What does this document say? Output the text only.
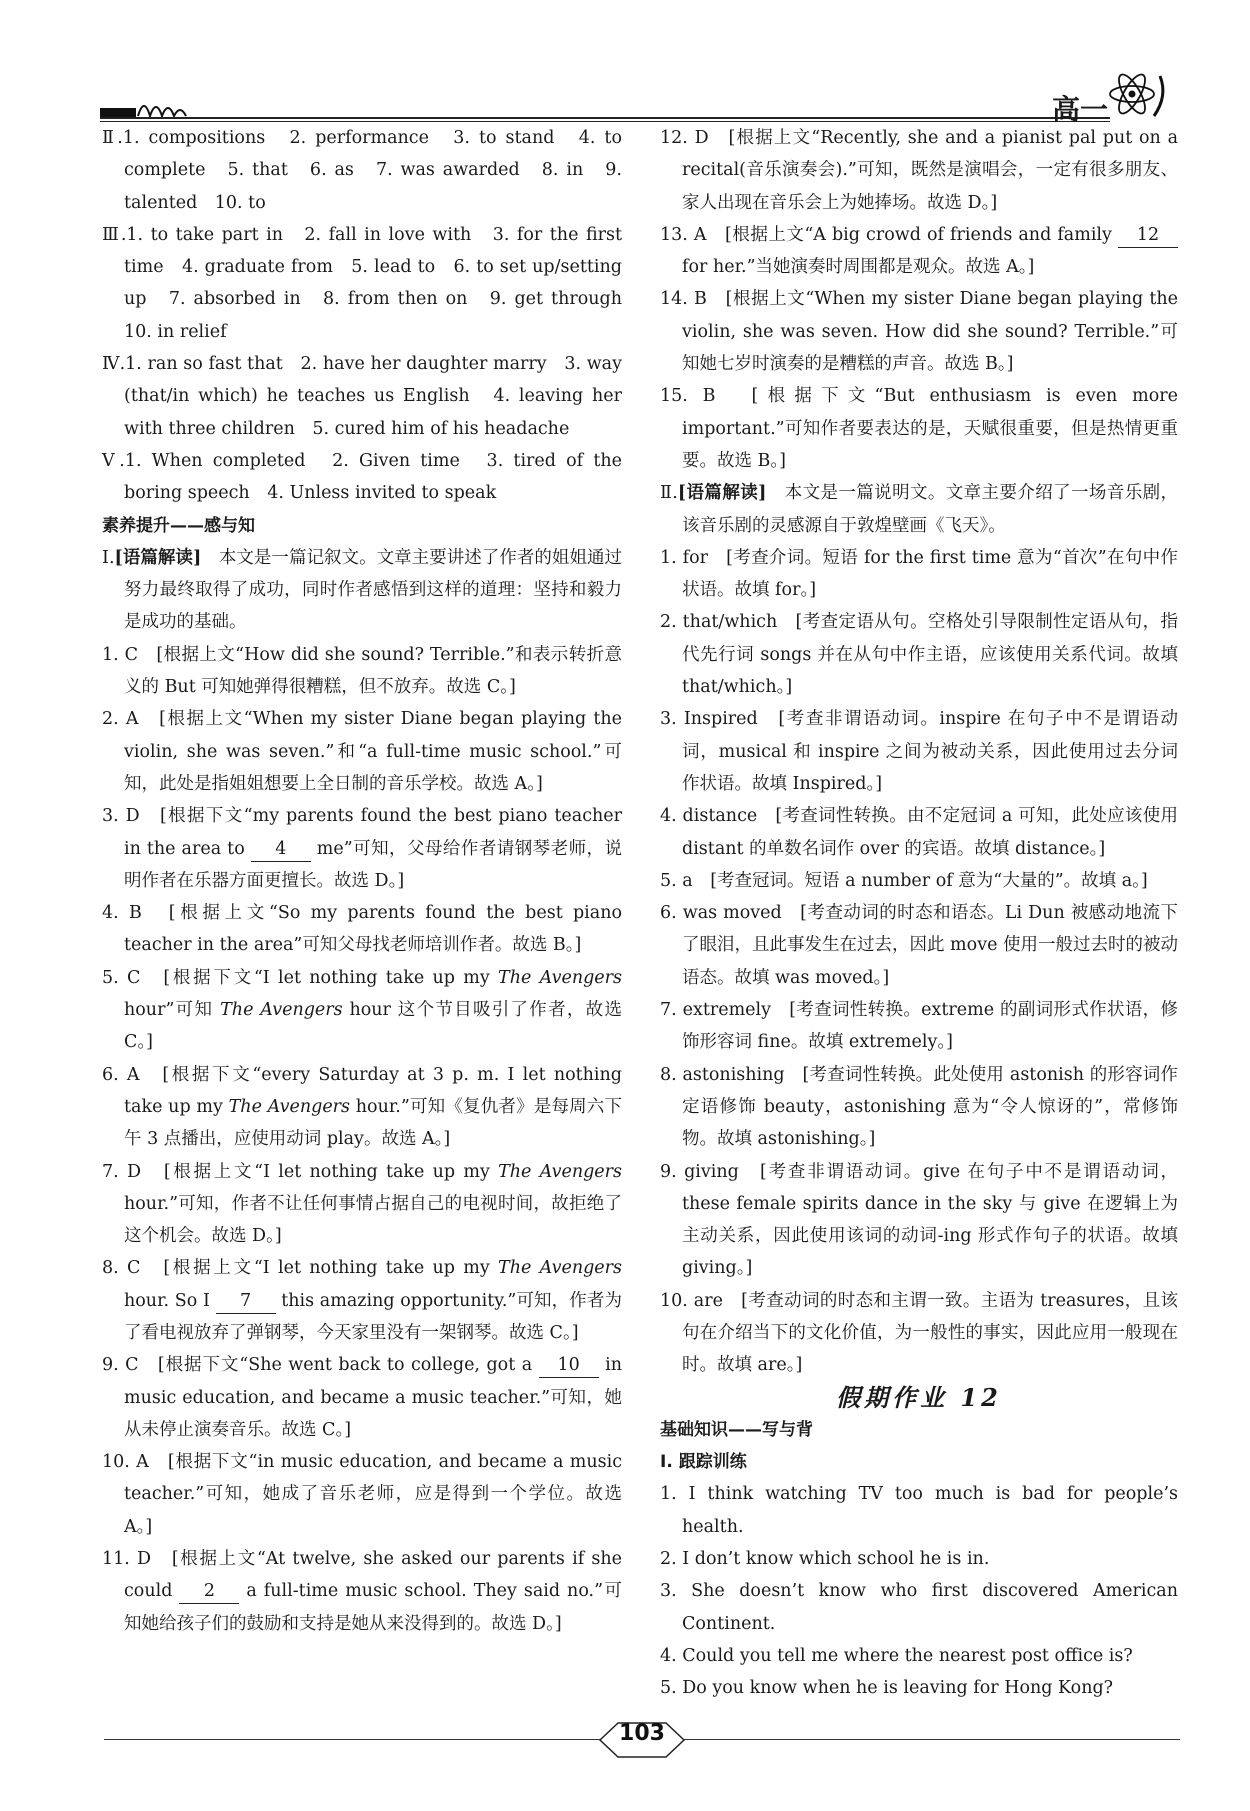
高一

Ⅱ.1. compositions　2. performance　3. to stand　4. to complete　5. that　6. as　7. was awarded　8. in　9. talented　10. to

Ⅲ.1. to take part in　2. fall in love with　3. for the first time　4. graduate from　5. lead to　6. to set up/setting up　7. absorbed in　8. from then on　9. get through　10. in relief

Ⅳ.1. ran so fast that　2. have her daughter marry　3. way (that/in which) he teaches us English　4. leaving her with three children　5. cured him of his headache

Ⅴ.1. When completed　2. Given time　3. tired of the boring speech　4. Unless invited to speak

素养提升——感与知

Ⅰ.[语篇解读]　 本文是一篇记叙文。文章主要讲述了作者的姐姐通过努力最终取得了成功，同时作者感悟到这样的道理：坚持和毅力是成功的基础。

1. C　 [根据上文“How did she sound? Terrible.”和表示转折意义的 But 可知她弹得很糟糕，但不放弃。故选 C。]

2. A　 [根据上文“When my sister Diane began playing the violin, she was seven.”和“a full-time music school.”可知，此处是指姐姐想要上全日制的音乐学校。故选 A。]

3. D　 [根据下文“my parents found the best piano teacher in the area to 4 me”可知，父母给作者请钢琴老师，说明作者在乐器方面更擅长。故选 D。]

4. B　 [根据上文“So my parents found the best piano teacher in the area”可知父母找老师培训作者。故选 B。]

5. C　 [根据下文“I let nothing take up my The Avengers hour”可知 The Avengers hour 这个节目吸引了作者，故选 C。]

6. A　 [根据下文“every Saturday at 3 p. m. I let nothing take up my The Avengers hour.”可知《复仇者》是每周六下午 3 点播出，应使用动词 play。故选 A。]

7. D　 [根据上文“I let nothing take up my The Avengers hour.”可知，作者不让任何事情占据自己的电视时间，故拒绝了这个机会。故选 D。]

8. C　 [根据上文“I let nothing take up my The Avengers hour. So I 7 this amazing opportunity.”可知，作者为了看电视放弃了弹钢琴，今天家里没有一架钢琴。故选 C。]

9. C　 [根据下文“She went back to college, got a 10 in music education, and became a music teacher.”可知，她从未停止演奏音乐。故选 C。]

10. A　 [根据下文“in music education, and became a music teacher.”可知，她成了音乐老师，应是得到一个学位。故选 A。]

11. D　 [根据上文“At twelve, she asked our parents if she could 2 a full-time music school. They said no.”可知她给孩子们的鼓励和支持是她从来没得到的。故选 D。]

12. D　 [根据上文“Recently, she and a pianist pal put on a recital(音乐演奏会).”可知，既然是演唱会，一定有很多朋友、家人出现在音乐会上为她捧场。故选 D。]

13. A　 [根据上文“A big crowd of friends and family 12 for her.”当她演奏时周围都是观众。故选 A。]

14. B　 [根据上文“When my sister Diane began playing the violin, she was seven. How did she sound? Terrible.”可知她七岁时演奏的是糟糕的声音。故选 B。]

15. B　 [根据下文“But enthusiasm is even more important.”可知作者要表达的是，天赋很重要，但是热情更重要。故选 B。]

Ⅱ.[语篇解读]　 本文是一篇说明文。文章主要介绍了一场音乐剧，该音乐剧的灵感源自于敦煌壁画《飞天》。

1. for　 [考查介词。短语 for the first time 意为“首次”在句中作状语。故填 for。]

2. that/which　 [考查定语从句。空格处引导限制性定语从句，指代先行词 songs 并在从句中作主语，应该使用关系代词。故填 that/which。]

3. Inspired　 [考查非谓语动词。inspire 在句子中不是谓语动词，musical 和 inspire 之间为被动关系，因此使用过去分词作状语。故填 Inspired。]

4. distance　 [考查词性转换。由不定冠词 a 可知，此处应该使用 distant 的单数名词作 over 的宾语。故填 distance。]

5. a　 [考查冠词。短语 a number of 意为“大量的”。故填 a。]

6. was moved　 [考查动词的时态和语态。Li Dun 被感动地流下了眼泪，且此事发生在过去，因此 move 使用一般过去时的被动语态。故填 was moved。]

7. extremely　 [考查词性转换。extreme 的副词形式作状语，修饰形容词 fine。故填 extremely。]

8. astonishing　 [考查词性转换。此处使用 astonish 的形容词作定语修饰 beauty，astonishing 意为“令人惊讶的”，常修饰物。故填 astonishing。]

9. giving　 [考查非谓语动词。give 在句子中不是谓语动词，these female spirits dance in the sky 与 give 在逻辑上为主动关系，因此使用该词的动词-ing 形式作句子的状语。故填 giving。]

10. are　 [考查动词的时态和主谓一致。主语为 treasures，且该句在介绍当下的文化价值，为一般性的事实，因此应用一般现在时。故填 are。]

假期作业 12

基础知识——写与背

Ⅰ. 跟踪训练

1. I think watching TV too much is bad for people’s health.

2. I don’t know which school he is in.

3. She doesn’t know who first discovered American Continent.

4. Could you tell me where the nearest post office is?

5. Do you know when he is leaving for Hong Kong?

103
